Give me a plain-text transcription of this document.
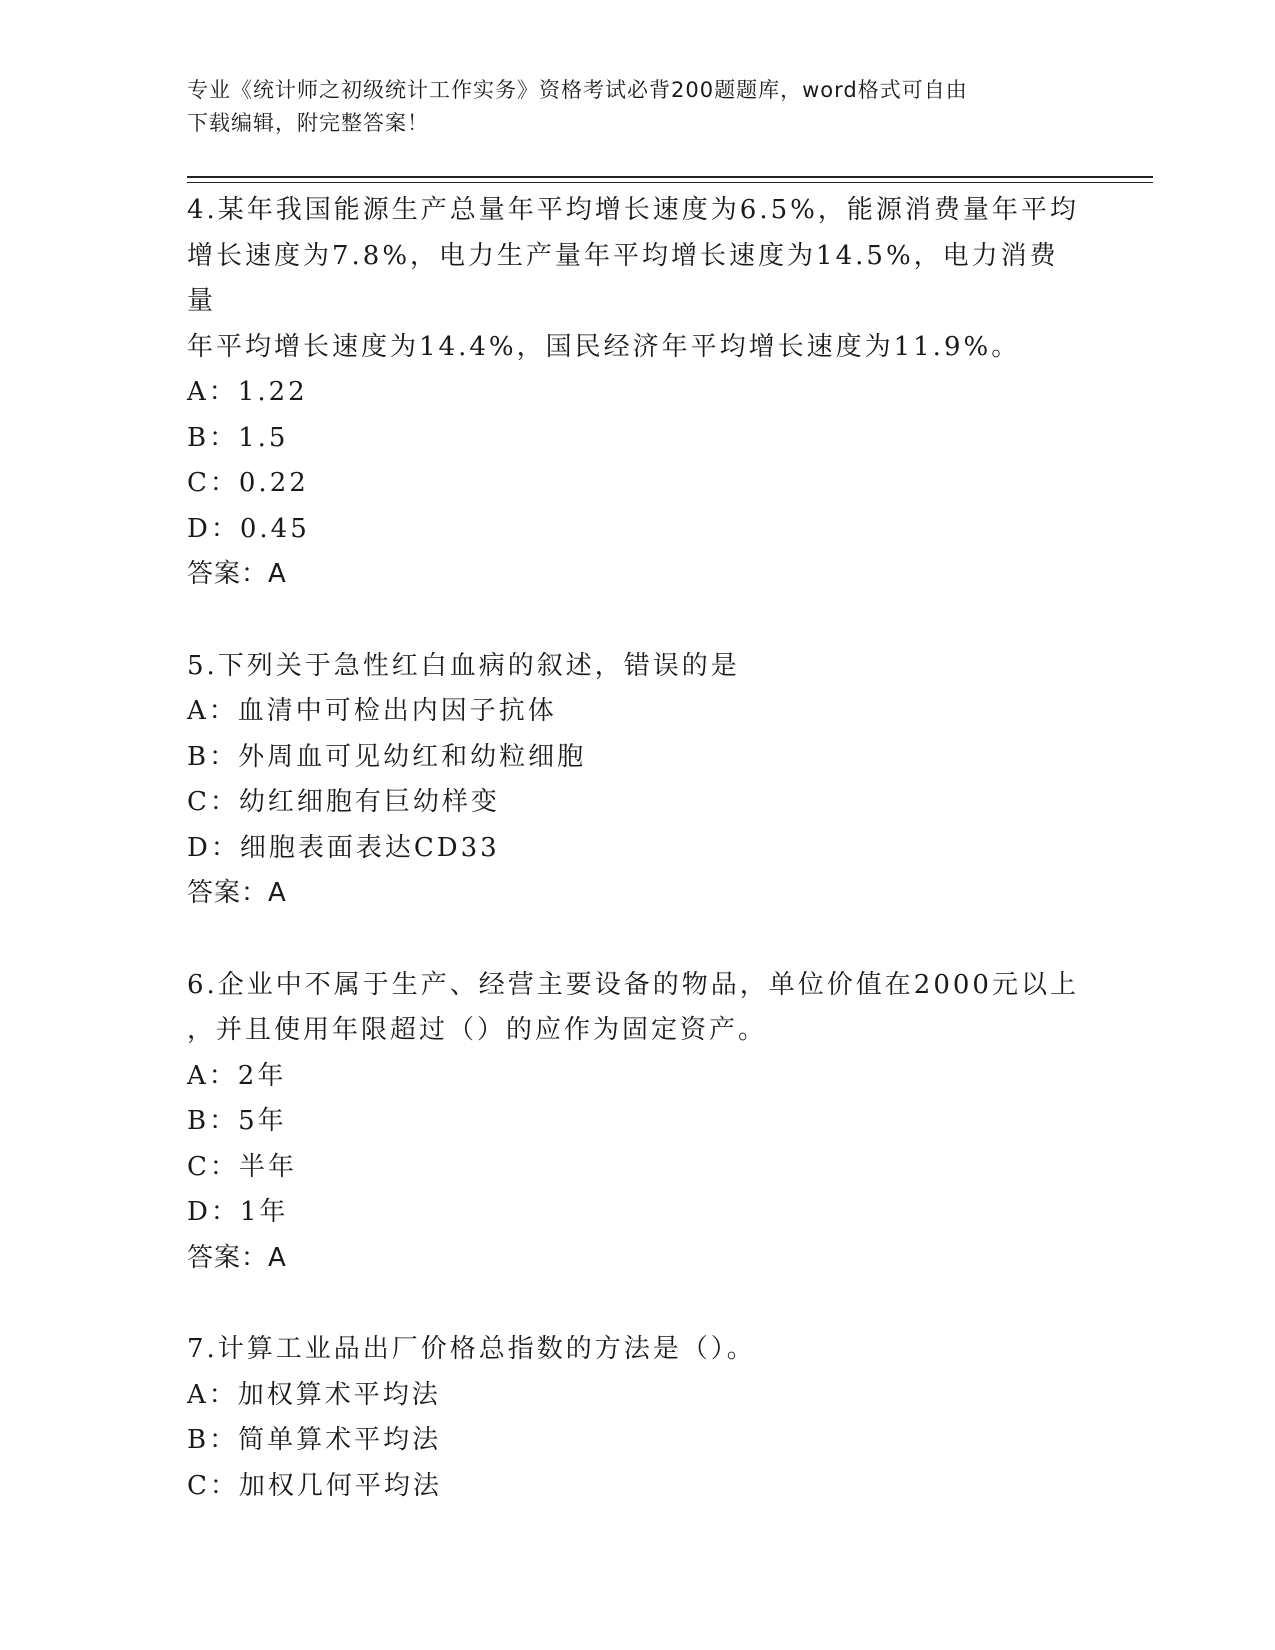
专业《统计师之初级统计工作实务》资格考试必背200题题库，word格式可自由
下载编辑，附完整答案！
4.某年我国能源生产总量年平均增长速度为6.5%，能源消费量年平均
增长速度为7.8%，电力生产量年平均增长速度为14.5%，电力消费量
年平均增长速度为14.4%，国民经济年平均增长速度为11.9%。
A：1.22
B：1.5
C：0.22
D：0.45
答案：A
5.下列关于急性红白血病的叙述，错误的是
A：血清中可检出内因子抗体
B：外周血可见幼红和幼粒细胞
C：幼红细胞有巨幼样变
D：细胞表面表达CD33
答案：A
6.企业中不属于生产、经营主要设备的物品，单位价值在2000元以上
，并且使用年限超过（）的应作为固定资产。
A：2年
B：5年
C：半年
D：1年
答案：A
7.计算工业品出厂价格总指数的方法是（）。
A：加权算术平均法
B：简单算术平均法
C：加权几何平均法
